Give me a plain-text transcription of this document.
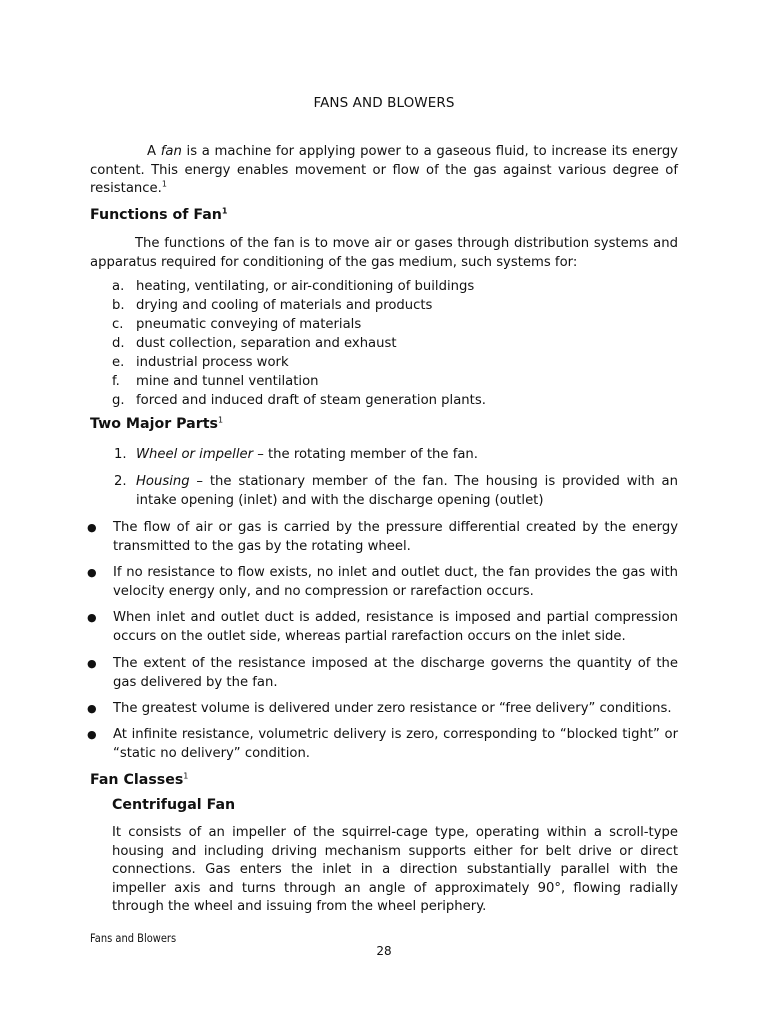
FANS AND BLOWERS

A fan is a machine for applying power to a gaseous fluid, to increase its energy content. This energy enables movement or flow of the gas against various degree of resistance.$^1$

Functions of Fan$^1$

The functions of the fan is to move air or gases through distribution systems and apparatus required for conditioning of the gas medium, such systems for:

a. heating, ventilating, or air-conditioning of buildings
b. drying and cooling of materials and products
c. pneumatic conveying of materials
d. dust collection, separation and exhaust
e. industrial process work
f. mine and tunnel ventilation
g. forced and induced draft of steam generation plants.
Two Major Parts$^1$
1. Wheel or impeller – the rotating member of the fan.
2. Housing – the stationary member of the fan. The housing is provided with an intake opening (inlet) and with the discharge opening (outlet)
● The flow of air or gas is carried by the pressure differential created by the energy transmitted to the gas by the rotating wheel.
● If no resistance to flow exists, no inlet and outlet duct, the fan provides the gas with velocity energy only, and no compression or rarefaction occurs.
● When inlet and outlet duct is added, resistance is imposed and partial compression occurs on the outlet side, whereas partial rarefaction occurs on the inlet side.
● The extent of the resistance imposed at the discharge governs the quantity of the gas delivered by the fan.
● The greatest volume is delivered under zero resistance or “free delivery” conditions.
● At infinite resistance, volumetric delivery is zero, corresponding to “blocked tight” or “static no delivery” condition.
Fan Classes$^1$
Centrifugal Fan

It consists of an impeller of the squirrel-cage type, operating within a scroll-type housing and including driving mechanism supports either for belt drive or direct connections. Gas enters the inlet in a direction substantially parallel with the impeller axis and turns through an angle of approximately 90°, flowing radially through the wheel and issuing from the wheel periphery.

Fans and Blowers
28
